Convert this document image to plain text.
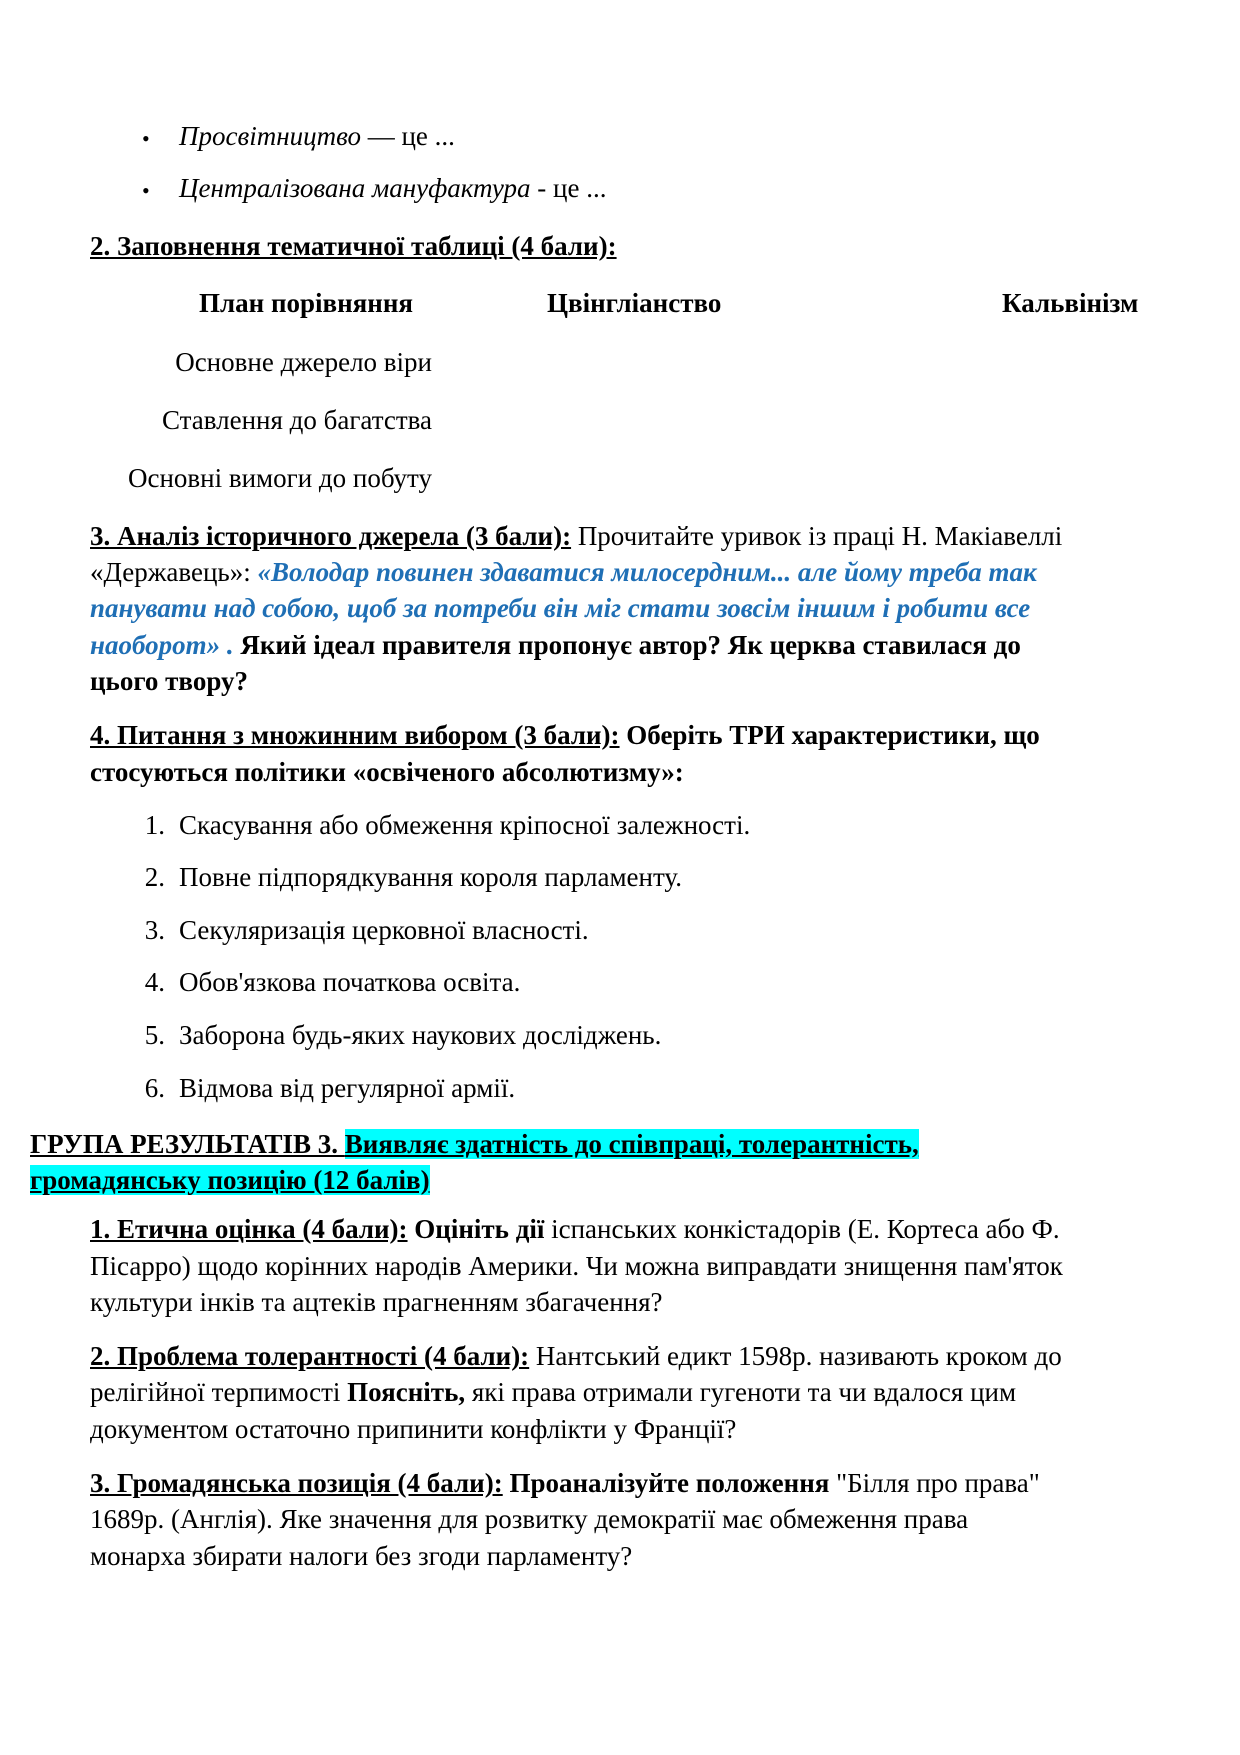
• Просвітництво — це ...
• Централізована мануфактура - це ...
2. Заповнення тематичної таблиці (4 бали):
План порівняння	Цвінгліанство	Кальвінізм
Основне джерело віри
Ставлення до багатства
Основні вимоги до побуту
3. Аналіз історичного джерела (3 бали): Прочитайте уривок із праці Н. Макіавеллі
«Державець»: «Володар повинен здаватися милосердним... але йому треба так
панувати над собою, щоб за потреби він міг стати зовсім іншим і робити все
наоборот» . Який ідеал правителя пропонує автор? Як церква ставилася до
цього твору?
4. Питання з множинним вибором (3 бали): Оберіть ТРИ характеристики, що
стосуються політики «освіченого абсолютизму»:
1. Скасування або обмеження кріпосної залежності.
2. Повне підпорядкування короля парламенту.
3. Секуляризація церковної власності.
4. Обов'язкова початкова освіта.
5. Заборона будь-яких наукових досліджень.
6. Відмова від регулярної армії.
ГРУПА РЕЗУЛЬТАТІВ 3. Виявляє здатність до співпраці, толерантність,
громадянську позицію (12 балів)
1. Етична оцінка (4 бали): Оцініть дії іспанських конкістадорів (Е. Кортеса або Ф.
Пісарро) щодо корінних народів Америки. Чи можна виправдати знищення пам'яток
культури інків та ацтеків прагненням збагачення?
2. Проблема толерантності (4 бали): Нантський едикт 1598р. називають кроком до
релігійної терпимості Поясніть, які права отримали гугеноти та чи вдалося цим
документом остаточно припинити конфлікти у Франції?
3. Громадянська позиція (4 бали): Проаналізуйте положення "Білля про права"
1689р. (Англія). Яке значення для розвитку демократії має обмеження права
монарха збирати налоги без згоди парламенту?
